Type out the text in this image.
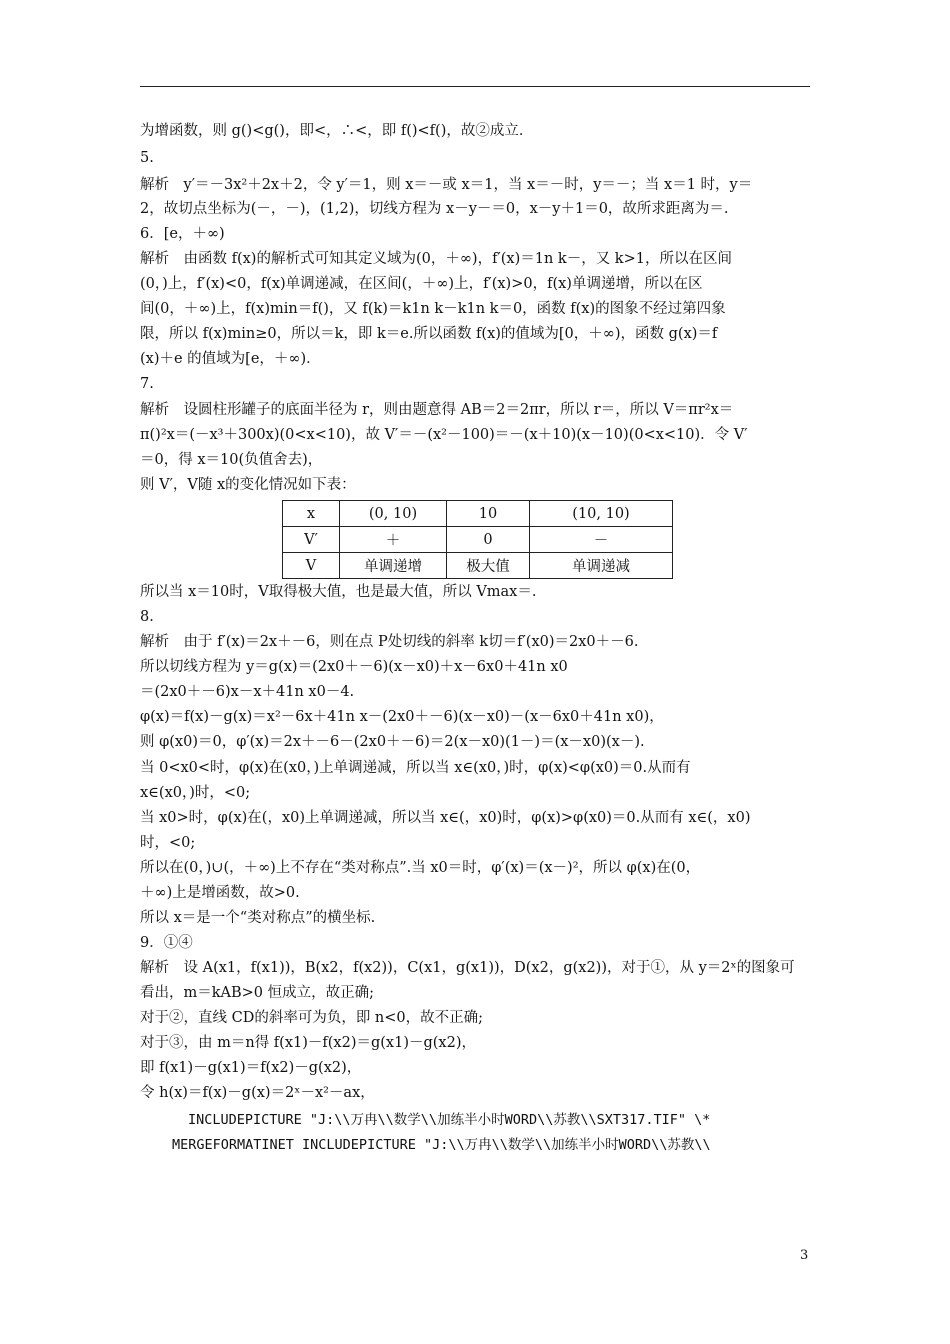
为增函数，则 g()<g()，即<，∴<，即 f()<f()，故②成立．
5.
解析　y′＝－3x²＋2x＋2，令 y′＝1，则 x＝－或 x＝1，当 x＝－时，y＝－；当 x＝1 时，y＝
2，故切点坐标为(－，－)，(1,2)，切线方程为 x－y－＝0，x－y＋1＝0，故所求距离为＝.
6．[e，＋∞)
解析　由函数 f(x)的解析式可知其定义域为(0，＋∞)，f′(x)＝1n k－，又 k>1，所以在区间
(0，)上，f′(x)<0，f(x)单调递减，在区间(，＋∞)上，f′(x)>0，f(x)单调递增，所以在区
间(0，＋∞)上，f(x)min＝f()，又 f(k)＝k1n k－k1n k＝0，函数 f(x)的图象不经过第四象
限，所以 f(x)min≥0，所以＝k，即 k＝e.所以函数 f(x)的值域为[0，＋∞)，函数 g(x)＝f
(x)＋e 的值域为[e，＋∞)．
7.
解析　设圆柱形罐子的底面半径为 r，则由题意得 AB＝2＝2πr，所以 r＝，所以 V＝πr²x＝
π()²x＝(－x³＋300x)(0<x<10)，故 V′＝－(x²－100)＝－(x＋10)(x－10)(0<x<10)．令 V′
＝0，得 x＝10(负值舍去)，
则 V′，V随 x的变化情况如下表：
x	(0, 10)	10	(10, 10)
V′	＋	0	－
V	单调递增	极大值	单调递减
所以当 x＝10时，V取得极大值，也是最大值，所以 Vmax＝.
8.
解析　由于 f′(x)＝2x＋－6，则在点 P处切线的斜率 k切＝f′(x0)＝2x0＋－6.
所以切线方程为 y＝g(x)＝(2x0＋－6)(x－x0)＋x－6x0＋41n x0
＝(2x0＋－6)x－x＋41n x0－4.
φ(x)＝f(x)－g(x)＝x²－6x＋41n x－(2x0＋－6)(x－x0)－(x－6x0＋41n x0)，
则 φ(x0)＝0，φ′(x)＝2x＋－6－(2x0＋－6)＝2(x－x0)(1－)＝(x－x0)(x－).
当 0<x0<时，φ(x)在(x0，)上单调递减，所以当 x∈(x0，)时，φ(x)<φ(x0)＝0.从而有
x∈(x0，)时，<0;
当 x0>时，φ(x)在(，x0)上单调递减，所以当 x∈(，x0)时，φ(x)>φ(x0)＝0.从而有 x∈(，x0)
时，<0;
所以在(0，)∪(，＋∞)上不存在“类对称点”.当 x0＝时，φ′(x)＝(x－)²，所以 φ(x)在(0，
＋∞)上是增函数，故>0.
所以 x＝是一个“类对称点”的横坐标.
9．①④
解析　设 A(x1，f(x1))，B(x2，f(x2))，C(x1，g(x1))，D(x2，g(x2))，对于①，从 y＝2ˣ的图象可
看出，m＝kAB>0 恒成立，故正确;
对于②，直线 CD的斜率可为负，即 n<0，故不正确;
对于③，由 m＝n得 f(x1)－f(x2)＝g(x1)－g(x2)，
即 f(x1)－g(x1)＝f(x2)－g(x2)，
令 h(x)＝f(x)－g(x)＝2ˣ－x²－ax，
INCLUDEPICTURE "J:\\万冉\\数学\\加练半小时WORD\\苏教\\SXT317.TIF" \*
MERGEFORMATINET INCLUDEPICTURE "J:\\万冉\\数学\\加练半小时WORD\\苏教\\
3
